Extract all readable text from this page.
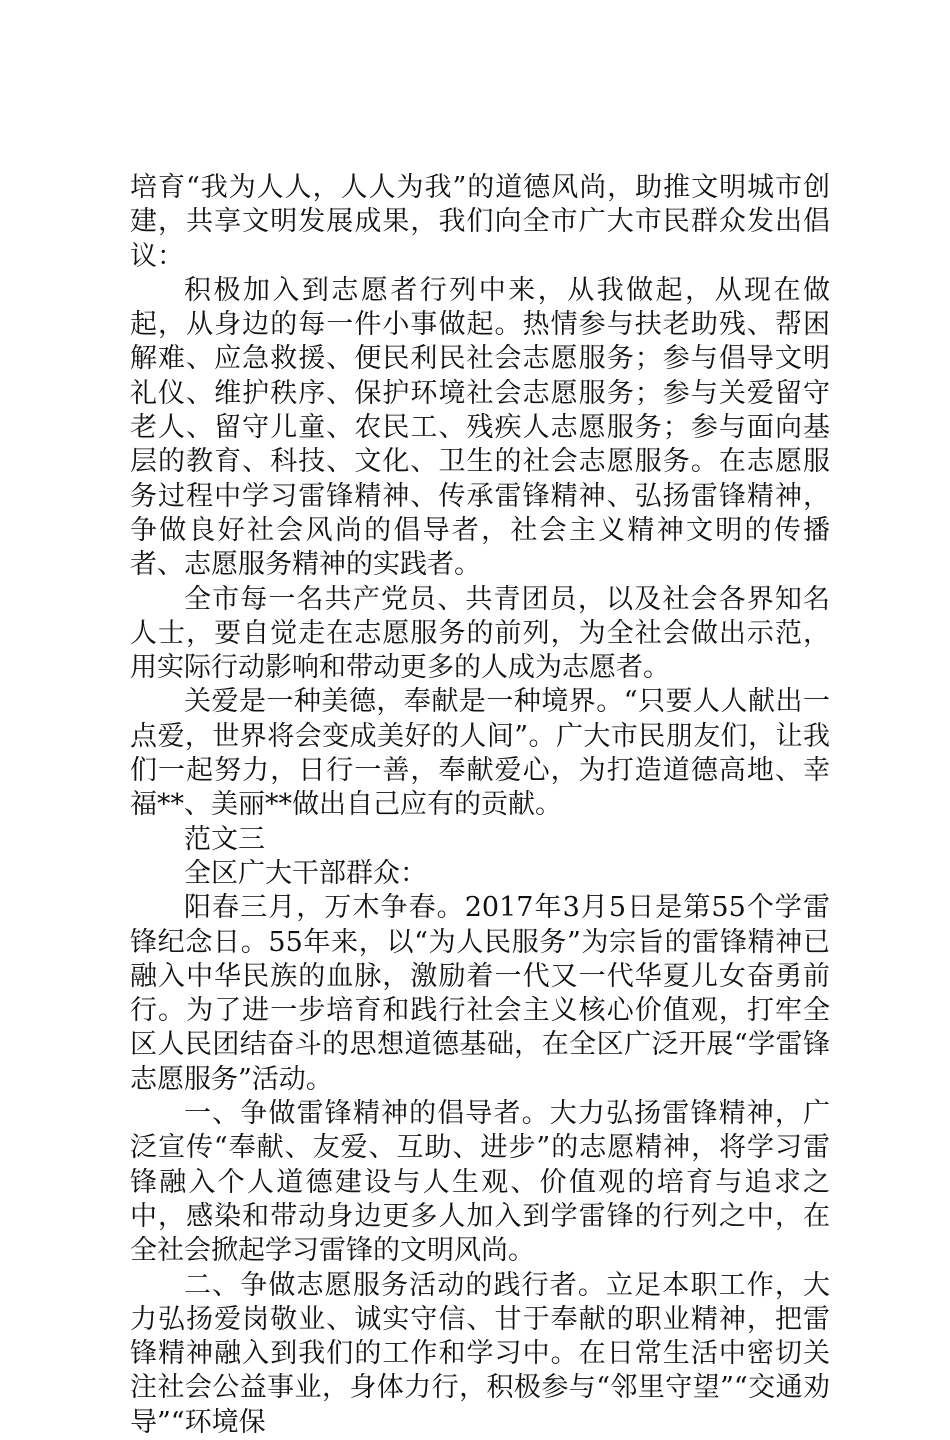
培育“我为人人，人人为我”的道德风尚，助推文明城市创建，共享文明发展成果，我们向全市广大市民群众发出倡议：

积极加入到志愿者行列中来，从我做起，从现在做起，从身边的每一件小事做起。热情参与扶老助残、帮困解难、应急救援、便民利民社会志愿服务；参与倡导文明礼仪、维护秩序、保护环境社会志愿服务；参与关爱留守老人、留守儿童、农民工、残疾人志愿服务；参与面向基层的教育、科技、文化、卫生的社会志愿服务。在志愿服务过程中学习雷锋精神、传承雷锋精神、弘扬雷锋精神，争做良好社会风尚的倡导者，社会主义精神文明的传播者、志愿服务精神的实践者。

全市每一名共产党员、共青团员，以及社会各界知名人士，要自觉走在志愿服务的前列，为全社会做出示范，用实际行动影响和带动更多的人成为志愿者。

关爱是一种美德，奉献是一种境界。“只要人人献出一点爱，世界将会变成美好的人间”。广大市民朋友们，让我们一起努力，日行一善，奉献爱心，为打造道德高地、幸福**、美丽**做出自己应有的贡献。

范文三

全区广大干部群众：

阳春三月，万木争春。2017年3月5日是第55个学雷锋纪念日。55年来，以“为人民服务”为宗旨的雷锋精神已融入中华民族的血脉，激励着一代又一代华夏儿女奋勇前行。为了进一步培育和践行社会主义核心价值观，打牢全区人民团结奋斗的思想道德基础，在全区广泛开展“学雷锋志愿服务”活动。

一、争做雷锋精神的倡导者。大力弘扬雷锋精神，广泛宣传“奉献、友爱、互助、进步”的志愿精神，将学习雷锋融入个人道德建设与人生观、价值观的培育与追求之中，感染和带动身边更多人加入到学雷锋的行列之中，在全社会掀起学习雷锋的文明风尚。

二、争做志愿服务活动的践行者。立足本职工作，大力弘扬爱岗敬业、诚实守信、甘于奉献的职业精神，把雷锋精神融入到我们的工作和学习中。在日常生活中密切关注社会公益事业，身体力行，积极参与“邻里守望”“交通劝导”“环境保
